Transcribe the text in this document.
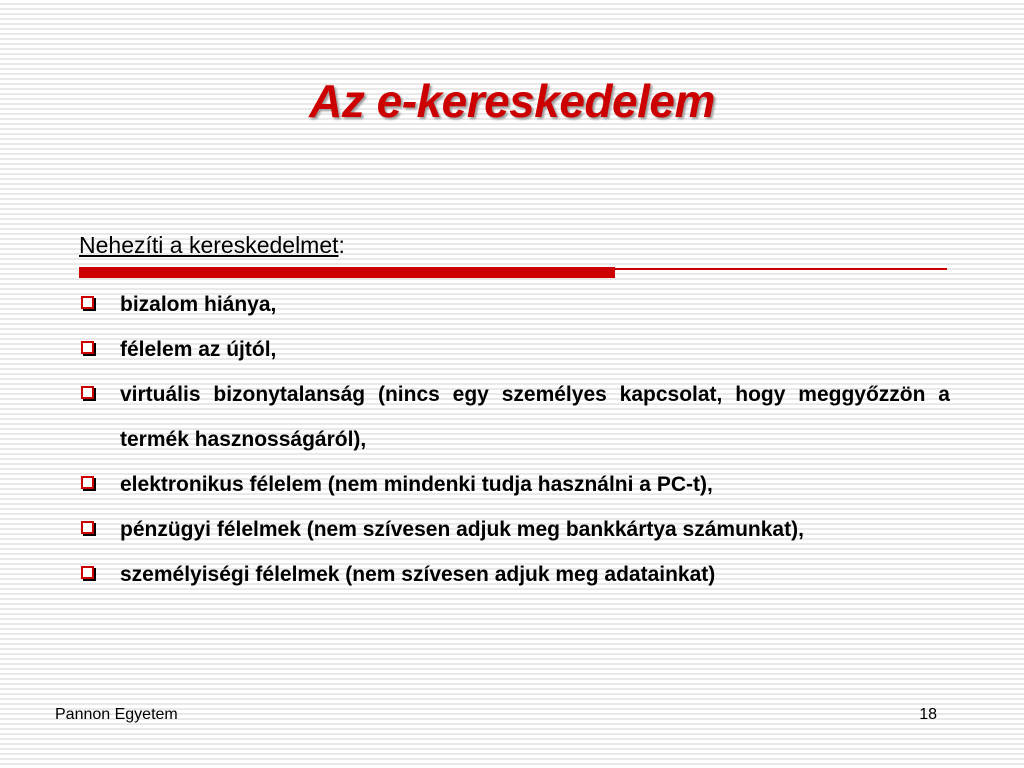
Az e-kereskedelem
Nehezíti a kereskedelmet:
bizalom hiánya,
félelem az újtól,
virtuális bizonytalanság (nincs egy személyes kapcsolat, hogy meggyőzzön a termék hasznosságáról),
elektronikus félelem (nem mindenki tudja használni a PC-t),
pénzügyi félelmek (nem szívesen adjuk meg bankkártya számunkat),
személyiségi félelmek (nem szívesen adjuk meg adatainkat)
Pannon Egyetem	18
